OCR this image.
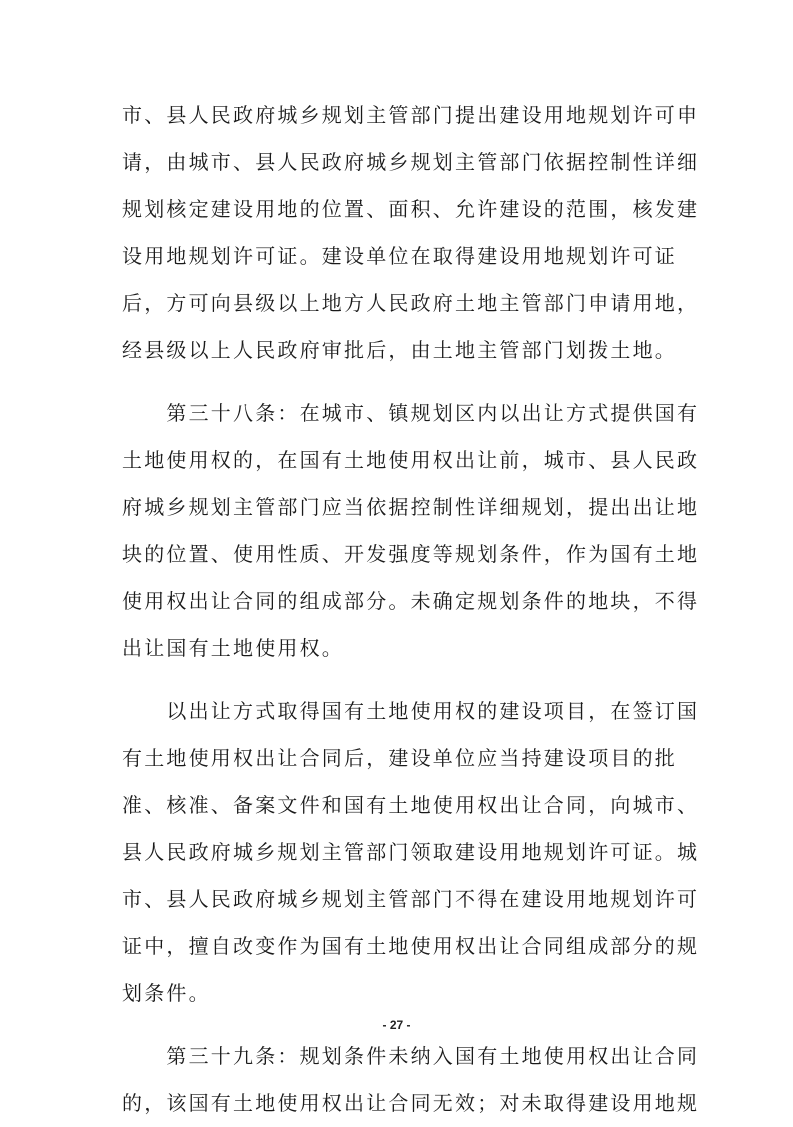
市、县人民政府城乡规划主管部门提出建设用地规划许可申
请，由城市、县人民政府城乡规划主管部门依据控制性详细
规划核定建设用地的位置、面积、允许建设的范围，核发建
设用地规划许可证。建设单位在取得建设用地规划许可证
后，方可向县级以上地方人民政府土地主管部门申请用地，
经县级以上人民政府审批后，由土地主管部门划拨土地。
　　第三十八条：在城市、镇规划区内以出让方式提供国有
土地使用权的，在国有土地使用权出让前，城市、县人民政
府城乡规划主管部门应当依据控制性详细规划，提出出让地
块的位置、使用性质、开发强度等规划条件，作为国有土地
使用权出让合同的组成部分。未确定规划条件的地块，不得
出让国有土地使用权。
　　以出让方式取得国有土地使用权的建设项目，在签订国
有土地使用权出让合同后，建设单位应当持建设项目的批
准、核准、备案文件和国有土地使用权出让合同，向城市、
县人民政府城乡规划主管部门领取建设用地规划许可证。城
市、县人民政府城乡规划主管部门不得在建设用地规划许可
证中，擅自改变作为国有土地使用权出让合同组成部分的规
划条件。
　　第三十九条：规划条件未纳入国有土地使用权出让合同
的，该国有土地使用权出让合同无效；对未取得建设用地规
- 27 -
